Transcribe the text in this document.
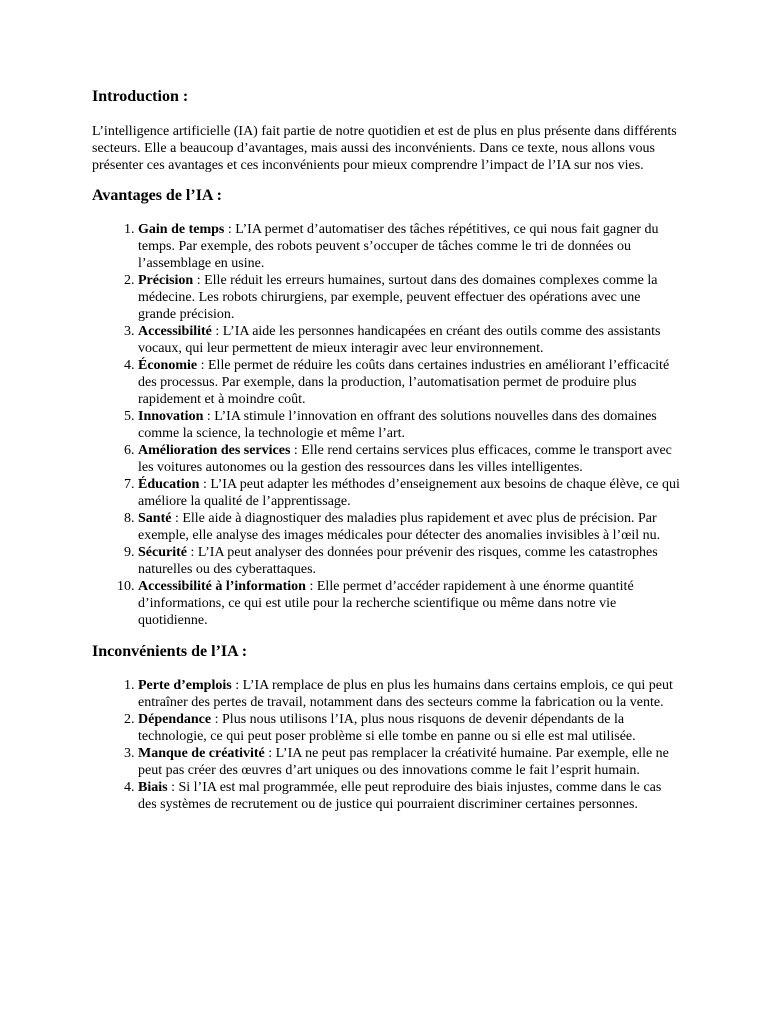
Introduction :

L’intelligence artificielle (IA) fait partie de notre quotidien et est de plus en plus présente dans différents secteurs. Elle a beaucoup d’avantages, mais aussi des inconvénients. Dans ce texte, nous allons vous présenter ces avantages et ces inconvénients pour mieux comprendre l’impact de l’IA sur nos vies.

Avantages de l’IA :
1. Gain de temps : L’IA permet d’automatiser des tâches répétitives, ce qui nous fait gagner du temps. Par exemple, des robots peuvent s’occuper de tâches comme le tri de données ou l’assemblage en usine.
2. Précision : Elle réduit les erreurs humaines, surtout dans des domaines complexes comme la médecine. Les robots chirurgiens, par exemple, peuvent effectuer des opérations avec une grande précision.
3. Accessibilité : L’IA aide les personnes handicapées en créant des outils comme des assistants vocaux, qui leur permettent de mieux interagir avec leur environnement.
4. Économie : Elle permet de réduire les coûts dans certaines industries en améliorant l’efficacité des processus. Par exemple, dans la production, l’automatisation permet de produire plus rapidement et à moindre coût.
5. Innovation : L’IA stimule l’innovation en offrant des solutions nouvelles dans des domaines comme la science, la technologie et même l’art.
6. Amélioration des services : Elle rend certains services plus efficaces, comme le transport avec les voitures autonomes ou la gestion des ressources dans les villes intelligentes.
7. Éducation : L’IA peut adapter les méthodes d’enseignement aux besoins de chaque élève, ce qui améliore la qualité de l’apprentissage.
8. Santé : Elle aide à diagnostiquer des maladies plus rapidement et avec plus de précision. Par exemple, elle analyse des images médicales pour détecter des anomalies invisibles à l’œil nu.
9. Sécurité : L’IA peut analyser des données pour prévenir des risques, comme les catastrophes naturelles ou des cyberattaques.
10. Accessibilité à l’information : Elle permet d’accéder rapidement à une énorme quantité d’informations, ce qui est utile pour la recherche scientifique ou même dans notre vie quotidienne.
Inconvénients de l’IA :
1. Perte d’emplois : L’IA remplace de plus en plus les humains dans certains emplois, ce qui peut entraîner des pertes de travail, notamment dans des secteurs comme la fabrication ou la vente.
2. Dépendance : Plus nous utilisons l’IA, plus nous risquons de devenir dépendants de la technologie, ce qui peut poser problème si elle tombe en panne ou si elle est mal utilisée.
3. Manque de créativité : L’IA ne peut pas remplacer la créativité humaine. Par exemple, elle ne peut pas créer des œuvres d’art uniques ou des innovations comme le fait l’esprit humain.
4. Biais : Si l’IA est mal programmée, elle peut reproduire des biais injustes, comme dans le cas des systèmes de recrutement ou de justice qui pourraient discriminer certaines personnes.
